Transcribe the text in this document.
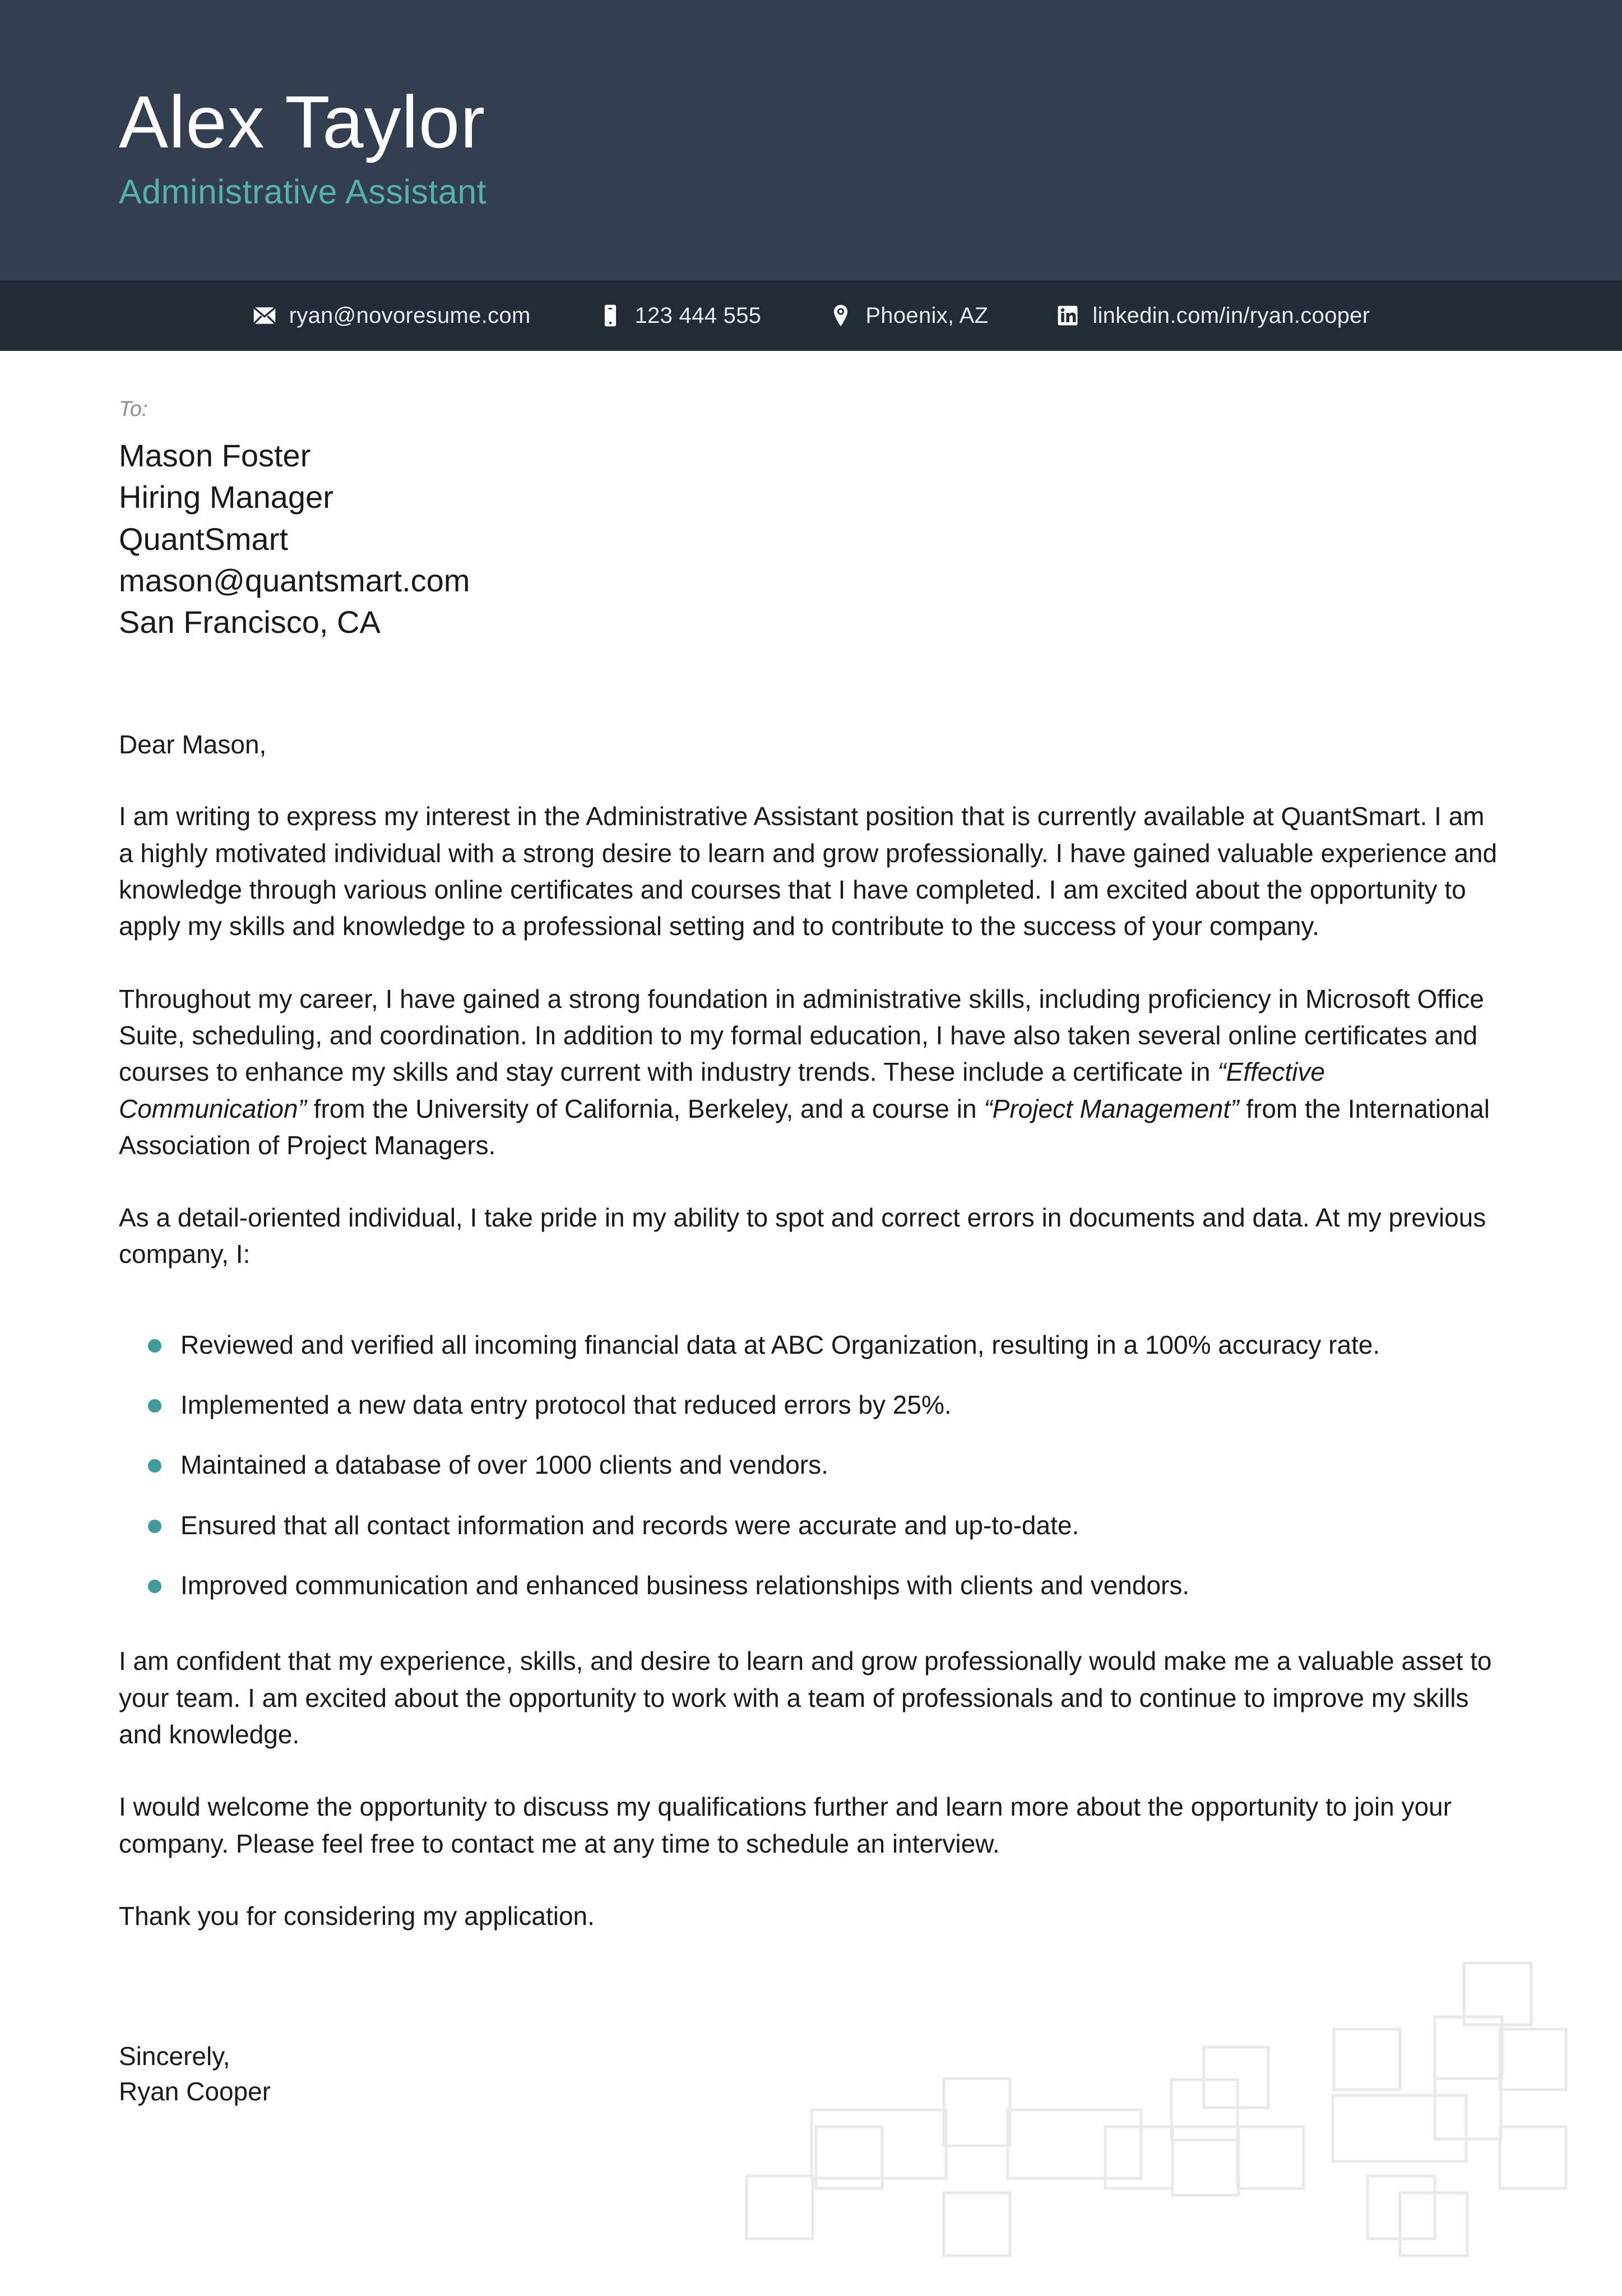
Alex Taylor
Administrative Assistant
ryan@novoresume.com	123 444 555	Phoenix, AZ	linkedin.com/in/ryan.cooper
To:
Mason Foster
Hiring Manager
QuantSmart
mason@quantsmart.com
San Francisco, CA
Dear Mason,
I am writing to express my interest in the Administrative Assistant position that is currently available at QuantSmart. I am a highly motivated individual with a strong desire to learn and grow professionally. I have gained valuable experience and knowledge through various online certificates and courses that I have completed. I am excited about the opportunity to apply my skills and knowledge to a professional setting and to contribute to the success of your company.
Throughout my career, I have gained a strong foundation in administrative skills, including proficiency in Microsoft Office Suite, scheduling, and coordination. In addition to my formal education, I have also taken several online certificates and courses to enhance my skills and stay current with industry trends. These include a certificate in “Effective Communication” from the University of California, Berkeley, and a course in “Project Management” from the International Association of Project Managers.
As a detail-oriented individual, I take pride in my ability to spot and correct errors in documents and data. At my previous company, I:
Reviewed and verified all incoming financial data at ABC Organization, resulting in a 100% accuracy rate.
Implemented a new data entry protocol that reduced errors by 25%.
Maintained a database of over 1000 clients and vendors.
Ensured that all contact information and records were accurate and up-to-date.
Improved communication and enhanced business relationships with clients and vendors.
I am confident that my experience, skills, and desire to learn and grow professionally would make me a valuable asset to your team. I am excited about the opportunity to work with a team of professionals and to continue to improve my skills and knowledge.
I would welcome the opportunity to discuss my qualifications further and learn more about the opportunity to join your company. Please feel free to contact me at any time to schedule an interview.
Thank you for considering my application.
Sincerely,
Ryan Cooper
